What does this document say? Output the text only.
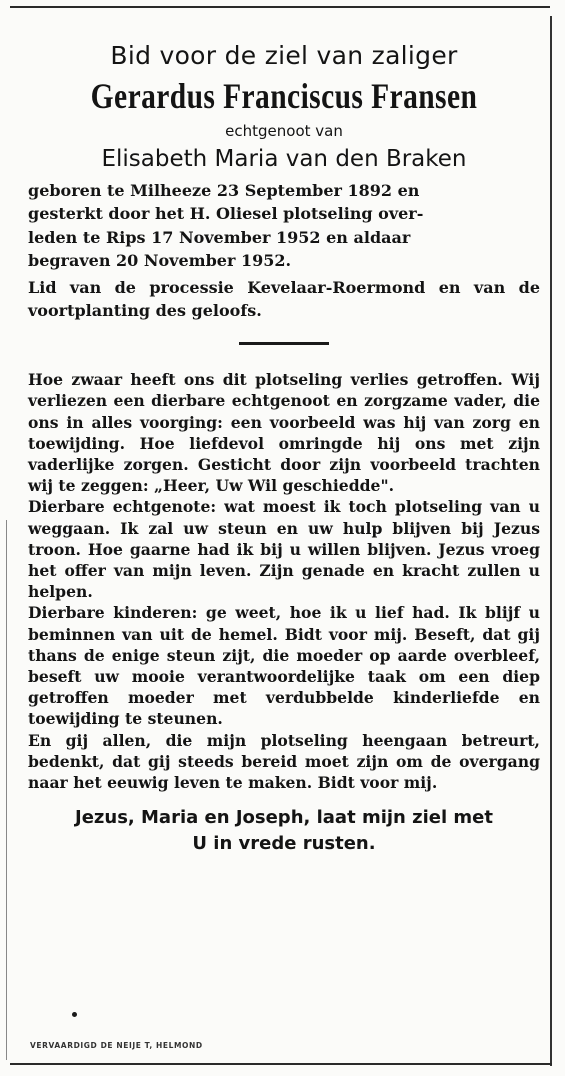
Bid voor de ziel van zaliger
Gerardus Franciscus Fransen
echtgenoot van
Elisabeth Maria van den Braken
geboren te Milheeze 23 September 1892 en
gesterkt door het H. Oliesel plotseling over-
leden te Rips 17 November 1952 en aldaar
begraven 20 November 1952.
Lid van de processie Kevelaar-Roermond en van de voortplanting des geloofs.

Hoe zwaar heeft ons dit plotseling verlies getroffen. Wij verliezen een dierbare echtgenoot en zorgzame vader, die ons in alles voorging: een voorbeeld was hij van zorg en toewijding. Hoe liefdevol omringde hij ons met zijn vaderlijke zorgen. Gesticht door zijn voorbeeld trachten wij te zeggen: „Heer, Uw Wil geschiedde".

Dierbare echtgenote: wat moest ik toch plotseling van u weggaan. Ik zal uw steun en uw hulp blijven bij Jezus troon. Hoe gaarne had ik bij u willen blijven. Jezus vroeg het offer van mijn leven. Zijn genade en kracht zullen u helpen.

Dierbare kinderen: ge weet, hoe ik u lief had. Ik blijf u beminnen van uit de hemel. Bidt voor mij. Beseft, dat gij thans de enige steun zijt, die moeder op aarde overbleef, beseft uw mooie verantwoordelijke taak om een diep getroffen moeder met verdubbelde kinderliefde en toewijding te steunen.

En gij allen, die mijn plotseling heengaan betreurt, bedenkt, dat gij steeds bereid moet zijn om de overgang naar het eeuwig leven te maken. Bidt voor mij.

Jezus, Maria en Joseph, laat mijn ziel met
U in vrede rusten.
VERVAARDIGD DE NEIJE T, HELMOND
